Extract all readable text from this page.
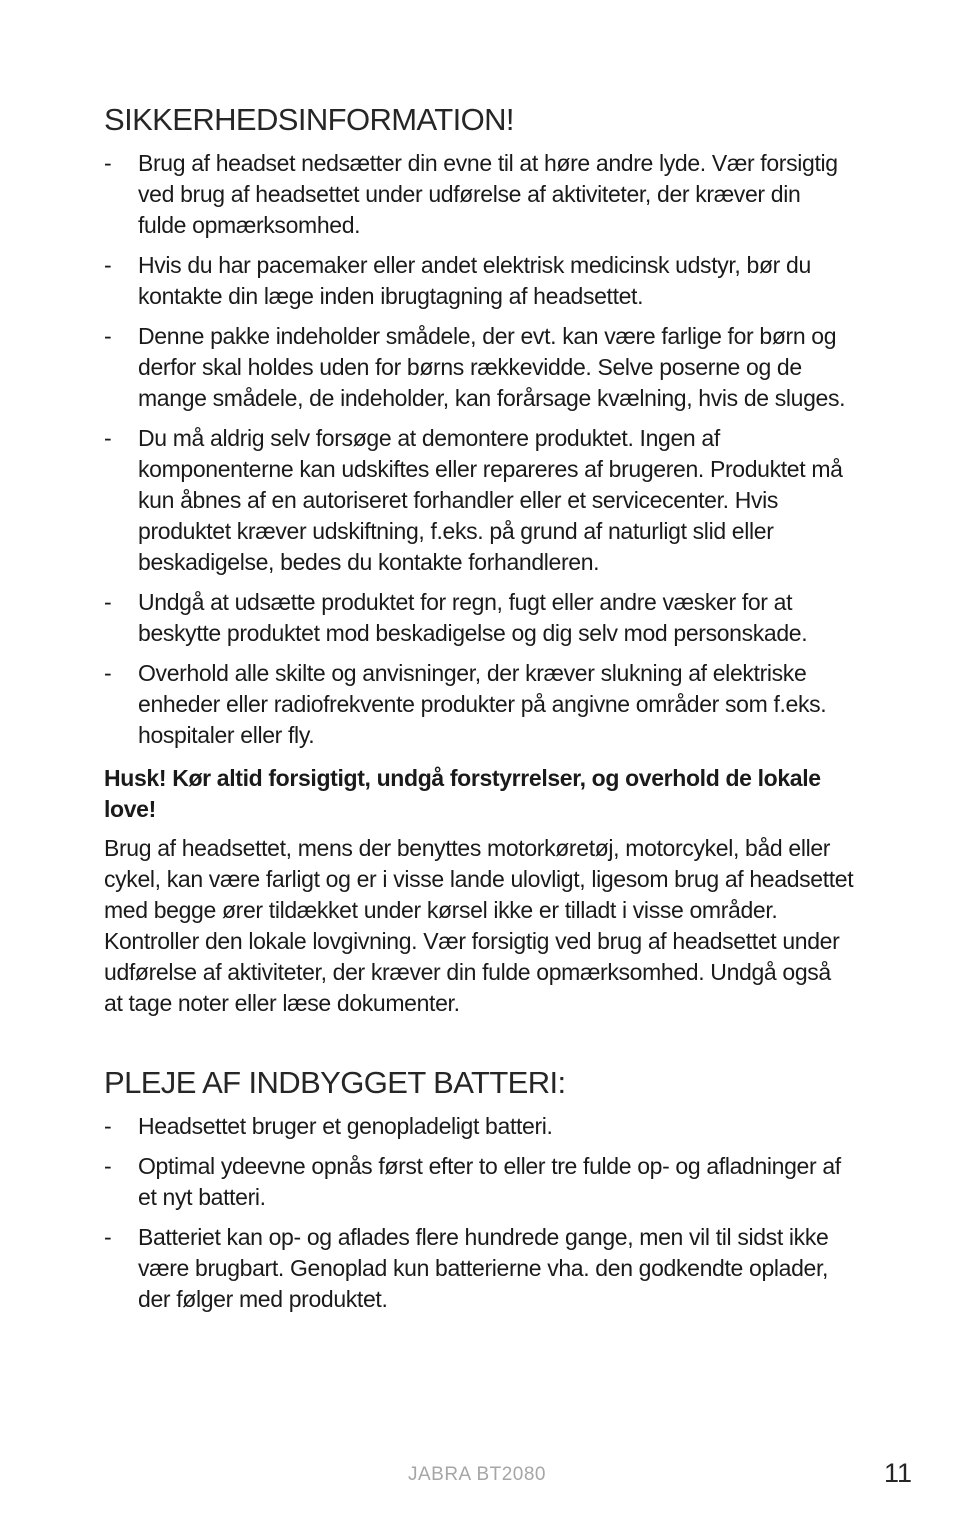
SIKKERHEDSINFORMATION!
- Brug af headset nedsætter din evne til at høre andre lyde. Vær forsigtig ved brug af headsettet under udførelse af aktiviteter, der kræver din fulde opmærksomhed.
- Hvis du har pacemaker eller andet elektrisk medicinsk udstyr, bør du kontakte din læge inden ibrugtagning af headsettet.
- Denne pakke indeholder smådele, der evt. kan være farlige for børn og derfor skal holdes uden for børns rækkevidde. Selve poserne og de mange smådele, de indeholder, kan forårsage kvælning, hvis de sluges.
- Du må aldrig selv forsøge at demontere produktet. Ingen af komponenterne kan udskiftes eller repareres af brugeren. Produktet må kun åbnes af en autoriseret forhandler eller et servicecenter. Hvis produktet kræver udskiftning, f.eks. på grund af naturligt slid eller beskadigelse, bedes du kontakte forhandleren.
- Undgå at udsætte produktet for regn, fugt eller andre væsker for at beskytte produktet mod beskadigelse og dig selv mod personskade.
- Overhold alle skilte og anvisninger, der kræver slukning af elektriske enheder eller radiofrekvente produkter på angivne områder som f.eks. hospitaler eller fly.

Husk! Kør altid forsigtigt, undgå forstyrrelser, og overhold de lokale love!

Brug af headsettet, mens der benyttes motorkøretøj, motorcykel, båd eller cykel, kan være farligt og er i visse lande ulovligt, ligesom brug af headsettet med begge ører tildækket under kørsel ikke er tilladt i visse områder. Kontroller den lokale lovgivning. Vær forsigtig ved brug af headsettet under udførelse af aktiviteter, der kræver din fulde opmærksomhed. Undgå også at tage noter eller læse dokumenter.

PLEJE AF INDBYGGET BATTERI:
- Headsettet bruger et genopladeligt batteri.
- Optimal ydeevne opnås først efter to eller tre fulde op- og afladninger af et nyt batteri.
- Batteriet kan op- og aflades flere hundrede gange, men vil til sidst ikke være brugbart. Genoplad kun batterierne vha. den godkendte oplader, der følger med produktet.
JABRA BT2080	11
